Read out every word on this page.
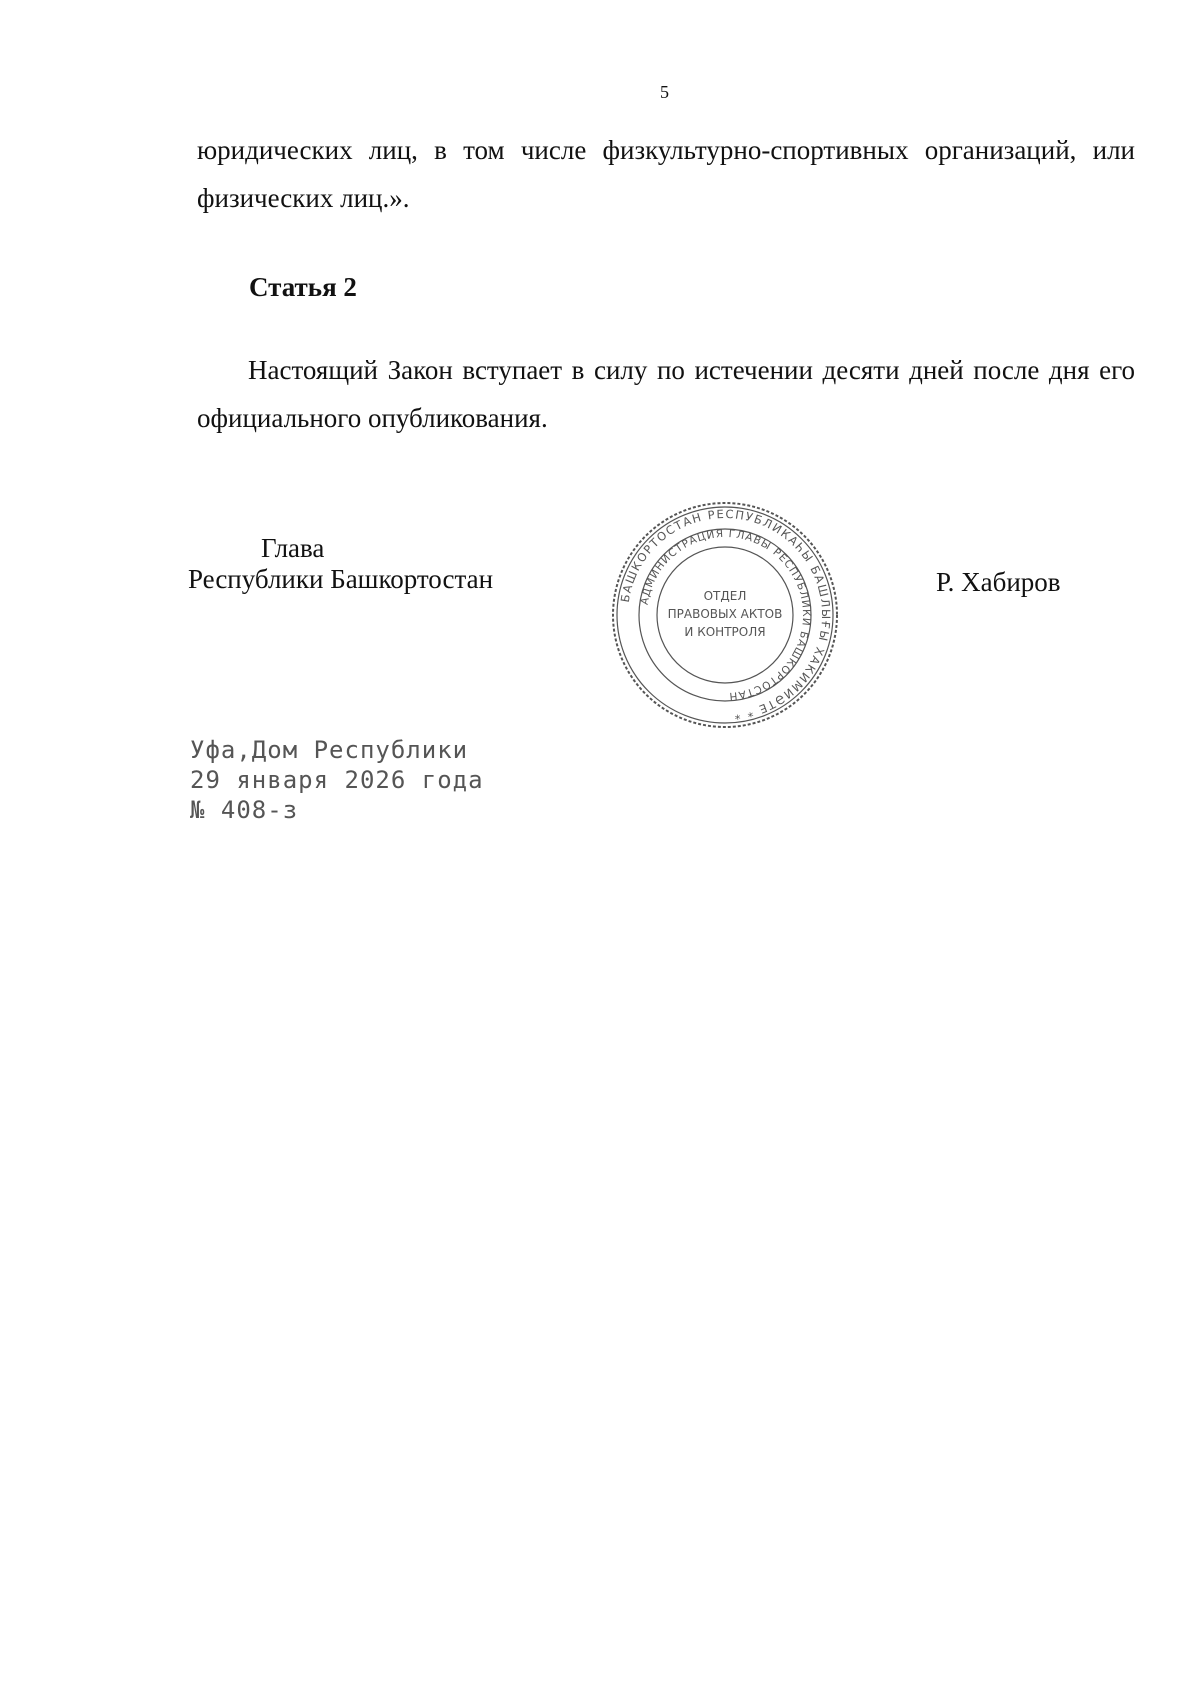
5

юридических лиц, в том числе физкультурно-спортивных организаций, или физических лиц.».

Статья 2

Настоящий Закон вступает в силу по истечении десяти дней после дня его официального опубликования.

Глава
Республики Башкортостан	Р. Хабиров
БАШКОРТОСТАН РЕСПУБЛИКАҺЫ БАШЛЫҒЫ ХАКИМИӘТЕ * *
АДМИНИСТРАЦИЯ ГЛАВЫ РЕСПУБЛИКИ БАШКОРТОСТАН
ОТДЕЛ
ПРАВОВЫХ АКТОВ
И КОНТРОЛЯ
Уфа,Дом Республики
29 января 2026 года
№ 408-з
